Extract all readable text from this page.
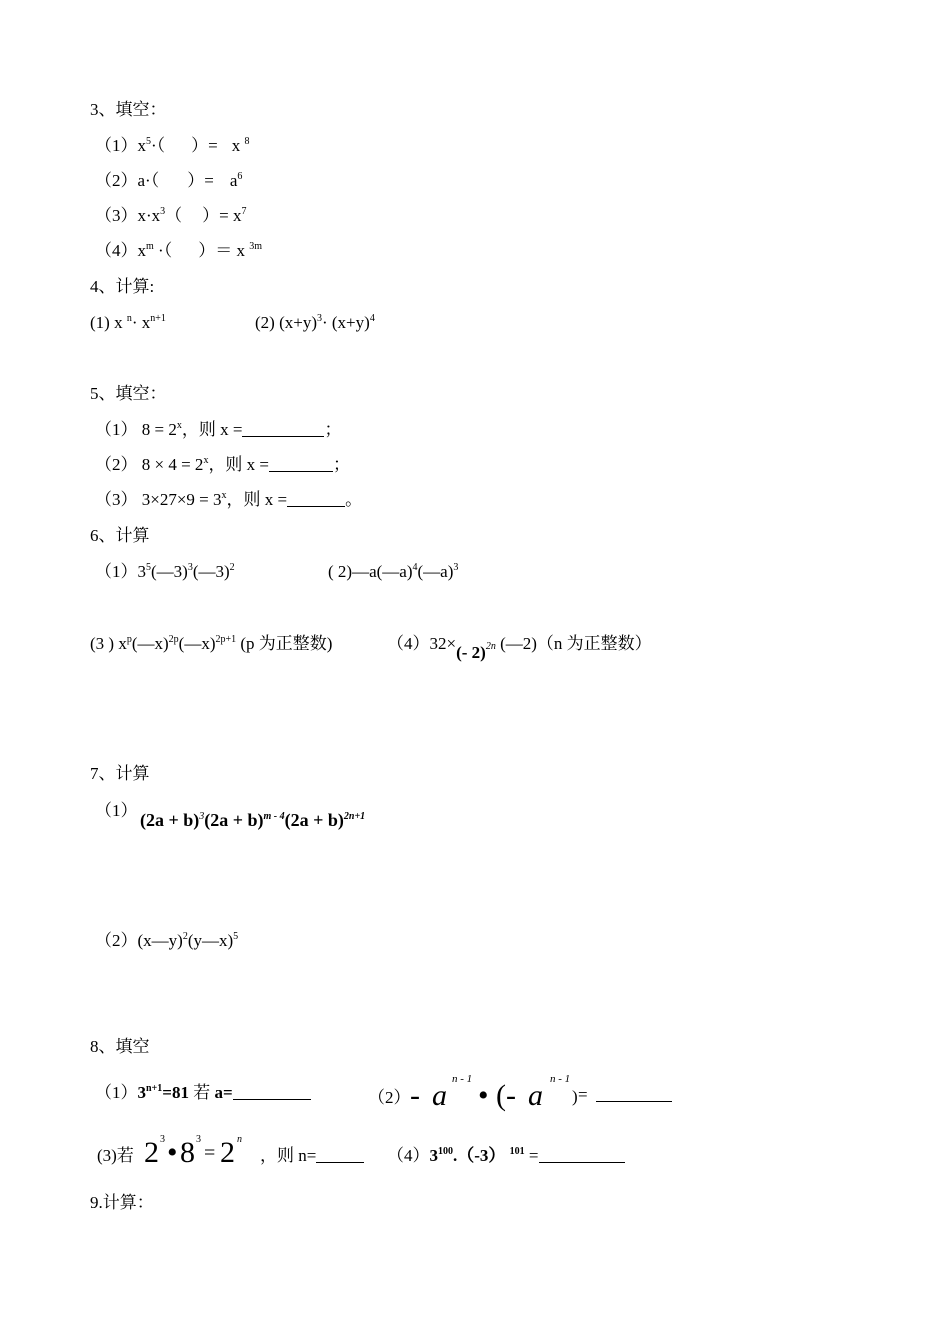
3、填空：
$(1)x^5\cdot$（ ）= x $^8$
（2）a·（ ）= $a^6$
$(3)x\cdot x^3$（ ）= $x^7$
$(4)x^m$ ·（ ）＝ x $^{3m}$
4、计算:
(1) x $^n\cdot x^{n+1}$	(2) $(x+y)^3\cdot (x+y)^4$
5、填空：
（1） $8 = 2^x$，则 x =	；
（2） $8 \times 4 = 2^x$，则 x =	；
（3） $3\times 27\times 9 = 3^x$，则 x =	。
6、计算
$(1)3^5(—3)^3(—3)^2$	( 2)—a(—a)$^4$(—a)$^3$
(3 ) $x^p(—x)^{2p}(—x)^{2p+1}$ (p 为正整数)	（4）32×(- 2)2n (—2)（n 为正整数）
7、计算
（1） $(2a + b)^3(2a + b)^{m - 4}(2a + b)^{2n+1}$
（2）(x—y)$^2$(y—x)$^5$
8、填空
$(1)3^{n+1}=81$ 若 a=	（2） - a n - 1 • (- a n - 1
) =
(3)若 2 3 • 8 3
= 2 n
，则 n=	$(4)3^{100}.(-3) ^{101}$ =
9.计算：
